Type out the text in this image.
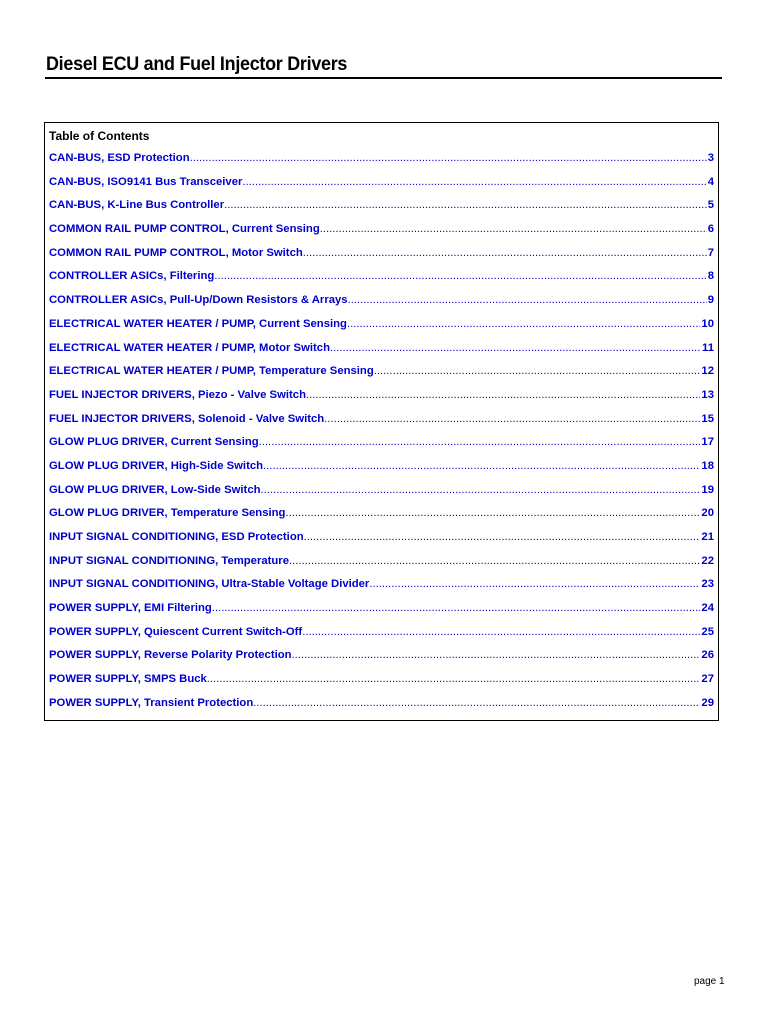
Diesel ECU and Fuel Injector Drivers
Table of Contents
CAN-BUS, ESD Protection .....	3
CAN-BUS, ISO9141 Bus Transceiver .....	4
CAN-BUS, K-Line Bus Controller .....	5
COMMON RAIL PUMP CONTROL, Current Sensing .....	6
COMMON RAIL PUMP CONTROL, Motor Switch .....	7
CONTROLLER ASICs, Filtering .....	8
CONTROLLER ASICs, Pull-Up/Down Resistors & Arrays .....	9
ELECTRICAL WATER HEATER / PUMP, Current Sensing .....	10
ELECTRICAL WATER HEATER / PUMP, Motor Switch .....	11
ELECTRICAL WATER HEATER / PUMP, Temperature Sensing .....	12
FUEL INJECTOR DRIVERS, Piezo - Valve Switch .....	13
FUEL INJECTOR DRIVERS, Solenoid - Valve Switch .....	15
GLOW PLUG DRIVER, Current Sensing .....	17
GLOW PLUG DRIVER, High-Side Switch .....	18
GLOW PLUG DRIVER, Low-Side Switch .....	19
GLOW PLUG DRIVER, Temperature Sensing .....	20
INPUT SIGNAL CONDITIONING, ESD Protection .....	21
INPUT SIGNAL CONDITIONING, Temperature .....	22
INPUT SIGNAL CONDITIONING, Ultra-Stable Voltage Divider .....	23
POWER SUPPLY, EMI Filtering .....	24
POWER SUPPLY, Quiescent Current Switch-Off .....	25
POWER SUPPLY, Reverse Polarity Protection .....	26
POWER SUPPLY, SMPS Buck .....	27
POWER SUPPLY, Transient Protection .....	29
page 1
